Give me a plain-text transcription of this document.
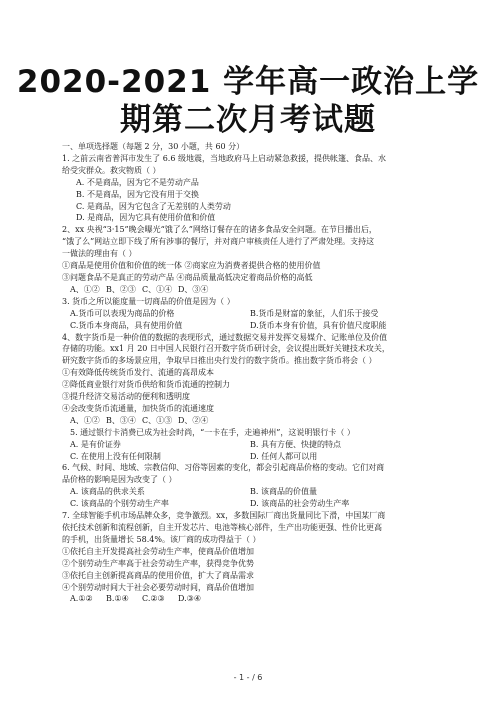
2020-2021 学年高一政治上学
期第二次月考试题
一、单项选择题（每题 2 分，30 小题，共 60 分）
1. 之前云南省普洱市发生了 6.6 级地震，当地政府马上启动紧急救援，提供帐篷、食品、水
给受灾群众。救灾物质（ ）
A. 不是商品，因为它不是劳动产品
B. 不是商品，因为它没有用于交换
C. 是商品，因为它包含了无差别的人类劳动
D. 是商品，因为它具有使用价值和价值
2、xx 央视“3·15”晚会曝光“饿了么”网络订餐存在的诸多食品安全问题。在节目播出后，
“饿了么”网站立即下线了所有涉事的餐厅，并对商户审核责任人进行了严肃处理。支持这
一做法的理由有（ ）
①商品是使用价值和价值的统一体 ②商家应为消费者提供合格的使用价值
③问题食品不是真正的劳动产品 ④商品质量高低决定着商品价格的高低
A、①② B、②③ C、①④ D、③④
3. 货币之所以能度量一切商品的价值是因为（ ）
A.货币可以表现为商品的价格	B.货币是财富的象征，人们乐于接受
C.货币本身商品，具有使用价值	D.货币本身有价值，具有价值尺度职能
4、数字货币是一种价值的数据的表现形式，通过数据交易并发挥交易媒介、记账单位及价值
存储的功能。xx1 月 20 日中国人民银行召开数字货币研讨会，会议提出既好关键技术攻关，
研究数字货币的多场景应用，争取早日推出央行发行的数字货币。推出数字货币将会（ ）
①有效降低传统货币发行、流通的高昂成本
②降低商业银行对货币供给和货币流通的控制力
③提升经济交易活动的便利和透明度
④会改变货币流通量，加快货币的流通速度
A、①② B、③④ C、①③ D、②④
5. 通过银行卡消费已成为社会时尚，“一卡在手，走遍神州”，这说明银行卡（ ）
A. 是有价证券	B. 具有方便、快捷的特点
C. 在使用上没有任何限制	D. 任何人都可以用
6. 气候、时间、地域、宗教信仰、习俗等因素的变化，都会引起商品价格的变动。它们对商
品价格的影响是因为改变了（ ）
A. 该商品的供求关系	B. 该商品的价值量
C. 该商品的个别劳动生产率	D. 该商品的社会劳动生产率
7. 全球智能手机市场品牌众多，竞争激烈。xx，多数国际厂商出货量同比下滑，中国某厂商
依托技术创新和流程创新，自主开发芯片、电池等核心部件，生产出功能更强、性价比更高
的手机，出货量增长 58.4%。该厂商的成功得益于（ ）
①依托自主开发提高社会劳动生产率，使商品价值增加
②个别劳动生产率高于社会劳动生产率，获得竞争优势
③依托自主创新提高商品的使用价值，扩大了商品需求
④个别劳动时间大于社会必要劳动时间，商品价值增加
A.①②	B.①④	C.②③	D.③④
- 1 - / 6
